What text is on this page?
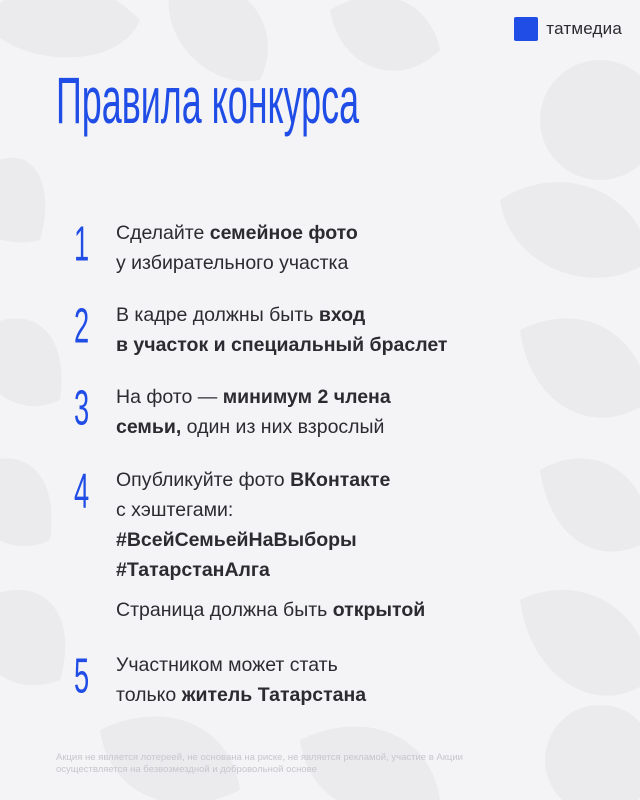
татмедиа
Правила конкурса
1 Сделайте семейное фото
у избирательного участка
2 В кадре должны быть вход
в участок и специальный браслет
3 На фото — минимум 2 члена
семьи, один из них взрослый
4 Опубликуйте фото ВКонтакте
с хэштегами:
#ВсейСемьейНаВыборы
#ТатарстанАлга
Страница должна быть открытой
5 Участником может стать
только житель Татарстана
Акция не является лотереей, не основана на риске, не является рекламой, участие в Акции осуществляется на безвозмездной и добровольной основе
